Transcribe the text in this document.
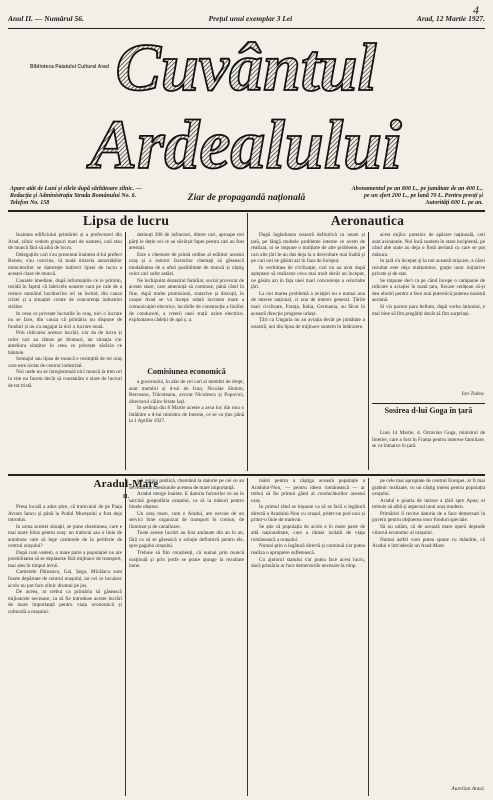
4
Anul II. — Numărul 56.	Prețul unui exemplar 3 Lei	Arad, 12 Martie 1927.
Cuvântul
Ardealului
Biblioteca Palatului Cultural Arad
Apare atât de Luni și zilele după sărbătoare zilnic. — Redacția și Administrația Strada Românului No. 6. Telefon No. 158
Ziar de propagandă națională
Abonamentul pe an 800 L., pe jumătate de an 400 L., pe un sfert 200 L., pe lună 70 L. Pentru preoți și Autorități 600 L. pe an.
Lipsa de lucru

Inainteа edificiului primăriei și a prefecturei din Arad, zilnic vedem grupuri mari de oameni, cari stau de muncă fără să aibă de lucru.

Delegațiile cari s'au prezentat înaintea d-lui prefect Boneu, s'au convins, că toată mizeria autorităților muncitorilor se datorește indirect lipsei de lucru a acestei clase de muncă.

Cauzele imediate, după informațiile ce le primim, rezidă în faptul că fabricele noastre sunt pe cale de a reduce numărul lucrătorilor ori se închid, din cauza crizei și a situației create de concurența industriei străine.

In ceea ce privește lucrurile în oraș, nici o lucrare nu se face, din cauza că primăria nu dispune de fonduri și nu s'a angajat la nici o lucrare nouă.

Prin ridicarea acestor lucrări, s'ar da de lucru și celor cari au rămas pe drumuri, iar situația s'ar ameliora simțitor în ceea ce privește sărăcia ce bântuie.

Somajul sau lipsa de muncă e resimțită de tot oraș care este izolat de centrul industrial.

Noi unde nu se înregistrează nici muncă la tren ori la vite nu facem decât să constatăm o stare de lucruri de tot tristă.

detinuți 286 de infractori, dintre cari, aproape trei părți le dețin cei ce au săvârșit fapte pentru cari au fost arestați.

Este o chemare de primă ordine al edilitor acestui oraș și a tuturor factorilor chemați să găsească modalitatea de a oferi posibilitate de muncă și câștig celor cari sufer astăzi.

Ne închipuim dezastrul familiar, social provocat de aceste stare, care amenință să continue, până când în fine, după multe promisiuni, trataтive și discuții, în orașul Arad se va începe odată lucrarea mare a comunicației electrice, lucrările de construcție a liniilor de conducere, a creerii unei stații uzine electrice, exploatarea cădeții de apă ș. a.

Comisiunea economică

a guvernului, în afar de cei cari ai membri de drept, sunt membri și d-nii de Ivan, Nicolae Sîntion, Berceanu, Trăcoteanu, avocat Nicolescu și Popovici, directorul căilor ferate Iașl.

In ședința din 8 Martie aceste a avut loc din nou o întâlnire a d-lui ministru de Interne, ce se va ține până la 1 Aprilie 1927.

Aeronautica

După înghebarea noastră definitivă ca neam și țară, pe lângă multele probleme interne ce avem de realizat, ni se impune o mulțime de alte probleme, pe cari alte țări le-au dus deja la o desvoltare mai înaltă și pe cari noi ne găsim azi în faza de început.

In vechimea de civilizație, cari nu au avut după așteptare să realizeze ceva mai mult decât un început, ne găsim azi în fața unei mari concurențe a celorlalte țări.

La noi marea problemă a aviației nu e numai una de interes național, ci una de interes general. Țările mari civilizate, Franța, Italia, Germania, au făcut în această direcție progrese uriașe.

Țări ca Ungaria nu au aviația decât pe jumătate a noastră, noi din lipsa de mijloace suntem în întârziere.

acest mijloc puternic de apărare națională, cari sunt avioanele. Noi încă suntem în stare incipientă, pe când alte state au deja o flotă aeriană cu care se pot măsura.

In țară s'a început și la noi această mișcare, a cărei rezultat este deja mulțumitor, grație unor inițiative private și de stat.

Se impune deci ca pe când începe o campanie de ridicare a aviației în toată țara, fiecare cetățean să-și dea obolul pentru a face mai puternică puterea noastră aeriană.

Si vis pacem para bellum, după vorba latinului, e mai bine să fim pregătiți decât să fim surprinși.

Ion Todea.
Sosirea d-lui Goga în țară

Luni 14 Martie, d. Octavian Goga, ministrul de Interne, care a fost în Franța pentru interese familiare, se va întoarce în țară.

Aradul-Mare
II.

Presa locală a adus știre, că tramvaiul de pe Piața Avram Iancu și până la Podul Mureșului a fost deja introdus.

In urma acestei situații, se pune chestiunea, care e mai mare folos pentru oraș: un tramvai sau o linie de autobuze care să lege cartierele de la periferie de centrul orașului?

După cum vedem, o mare parte a populației nu are posibilitatea să se deplaseze fără mijloace de transport, mai ales în timpul iernii.

Cartierele Pârneava, Gai, Șega, Micălaca sunt foarte depărtate de centrul orașului, iar cei ce locuiesc acolo nu pot face zilnic drumul pe jos.

De aceea, ar trebui ca primăria să găsească mijloacele necesare, ca să fie introduse aceste lucrări de mare importanță pentru viața economică și culturală a orașului.

ută opinia publică, chemând la datorie pe cei ce au de rezolvat chestiunile acestea de mare importanță.

Aradul merge înainte. E datoria factorilor ce au în sarcină gospodăria orașului, ca să ia măsuri pentru binele obștesc.

Un oraș mare, cum e Aradul, are nevoie de un servici bine organizat de transport în comun, de iluminat și de canalizare.

Toate aceste lucrări au fost amânate din an în an, fără ca să se găsească o soluție definitivă pentru ele, spre paguba orașului.

Trebuie să fim conștienți, că numai prin muncă susținută și prin jertfe se poate ajunge la rezultate bune.

mărit pentru a câștiga această populație a Aradului-Nou, — pentru ideea românească — ar trebui să fie primul gând al conducătorilor acestui oraș.

In primul rând se impune ca să se facă o legătură directă a Aradului-Nou cu orașul, printr-un pod nou și printr-o linie de tramvai.

Se știe că populația de acolo e în mare parte de altă naționalitate, care a rămas izolată de viața românească a orașului.

Numai prin o legătură directă și continuă s'ar putea realiza o apropiere sufletească.

Cu ajutorul statului s'ar putea face acest lucru, dacă primăria ar face demersurile necesare la timp.

pe cele mai apropiate de centrul Europei, ar fi mai grabnic realizate, cu un câștig imens pentru populația orașului.

Aradul e poarta de intrare a țării spre Apus; el trebuie să aibă și aspectul unui oraș modern.

Primăriei îi revine datoria de a face demersuri la guvern pentru obținerea unor fonduri speciale.

Să nu uităm, că de această mare operă depinde viitorul economic al orașului.

Numai astfel vom putea spune cu mândrie, că Aradul e într'adevăr un Arad-Mare.

Aurelian Antal.
